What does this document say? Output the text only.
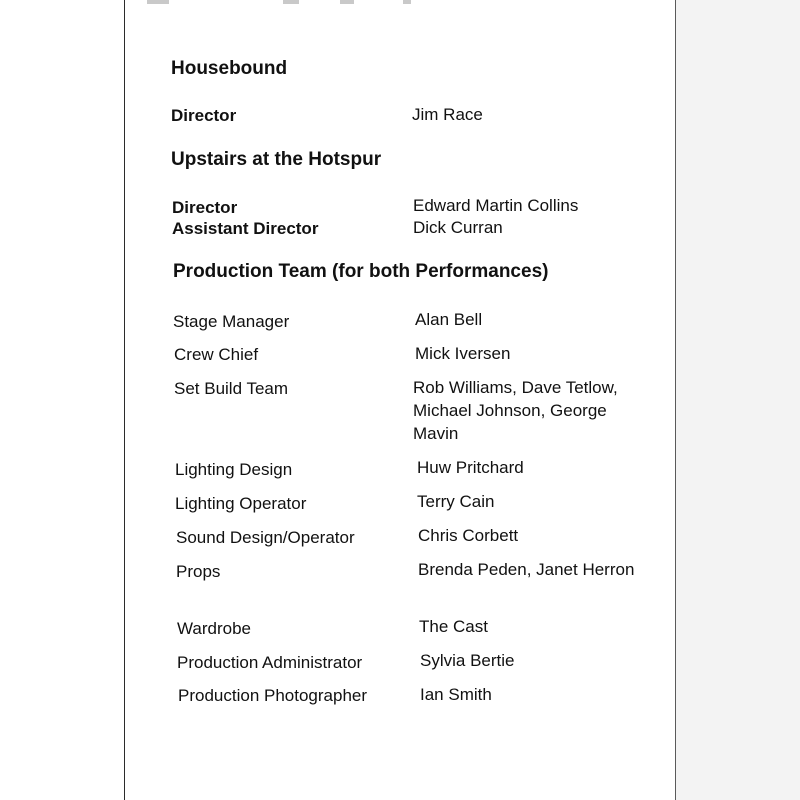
Housebound
Director	Jim Race
Upstairs at the Hotspur
Director	Edward Martin Collins
Assistant Director	Dick Curran
Production Team (for both Performances)
Stage Manager	Alan Bell
Crew Chief	Mick Iversen
Set Build Team	Rob Williams, Dave Tetlow, Michael Johnson, George Mavin
Lighting Design	Huw Pritchard
Lighting Operator	Terry Cain
Sound Design/Operator	Chris Corbett
Props	Brenda Peden, Janet Herron
Wardrobe	The Cast
Production Administrator	Sylvia Bertie
Production Photographer	Ian Smith
